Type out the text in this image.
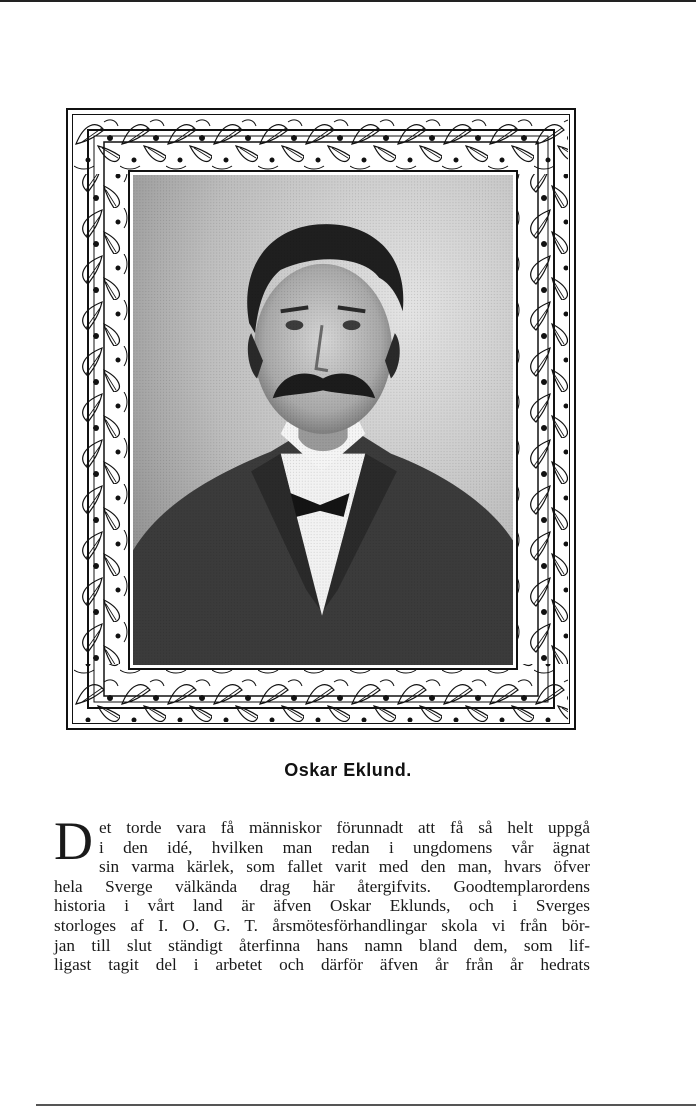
Oskar Eklund.
D et torde vara få människor förunnadt att få så helt uppgå
i den idé, hvilken man redan i ungdomens vår ägnat
sin varma kärlek, som fallet varit med den man, hvars öfver
hela Sverge välkända drag här återgifvits. Goodtemplarordens
historia i vårt land är äfven Oskar Eklunds, och i Sverges
storloges af I. O. G. T. årsmötesförhandlingar skola vi från bör-
jan till slut ständigt återfinna hans namn bland dem, som lif-
ligast tagit del i arbetet och därför äfven år från år hedrats
